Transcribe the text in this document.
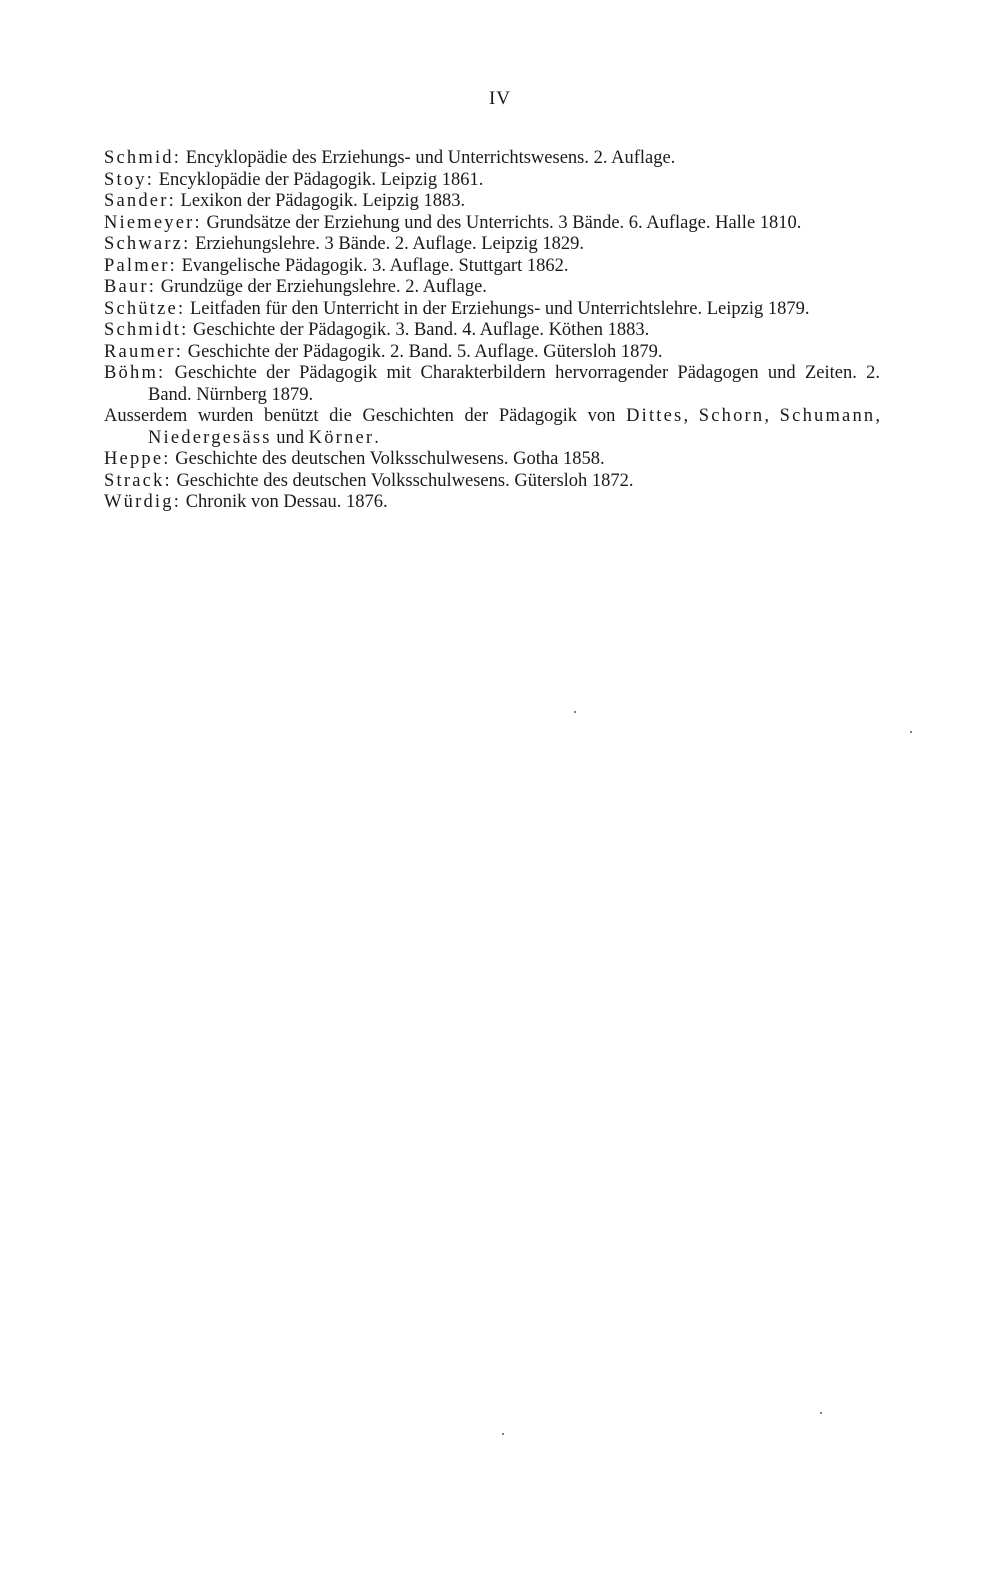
IV
Schmid: Encyklopädie des Erziehungs- und Unterrichtswesens. 2. Auflage.
Stoy: Encyklopädie der Pädagogik. Leipzig 1861.
Sander: Lexikon der Pädagogik. Leipzig 1883.
Niemeyer: Grundsätze der Erziehung und des Unterrichts. 3 Bände. 6. Auflage. Halle 1810.
Schwarz: Erziehungslehre. 3 Bände. 2. Auflage. Leipzig 1829.
Palmer: Evangelische Pädagogik. 3. Auflage. Stuttgart 1862.
Baur: Grundzüge der Erziehungslehre. 2. Auflage.
Schütze: Leitfaden für den Unterricht in der Erziehungs- und Unterrichtslehre. Leipzig 1879.
Schmidt: Geschichte der Pädagogik. 3. Band. 4. Auflage. Köthen 1883.
Raumer: Geschichte der Pädagogik. 2. Band. 5. Auflage. Gütersloh 1879.
Böhm: Geschichte der Pädagogik mit Charakterbildern hervorragender Pädagogen und Zeiten. 2. Band. Nürnberg 1879.
Ausserdem wurden benützt die Geschichten der Pädagogik von Dittes, Schorn, Schumann, Niedergesäss und Körner.
Heppe: Geschichte des deutschen Volksschulwesens. Gotha 1858.
Strack: Geschichte des deutschen Volksschulwesens. Gütersloh 1872.
Würdig: Chronik von Dessau. 1876.
